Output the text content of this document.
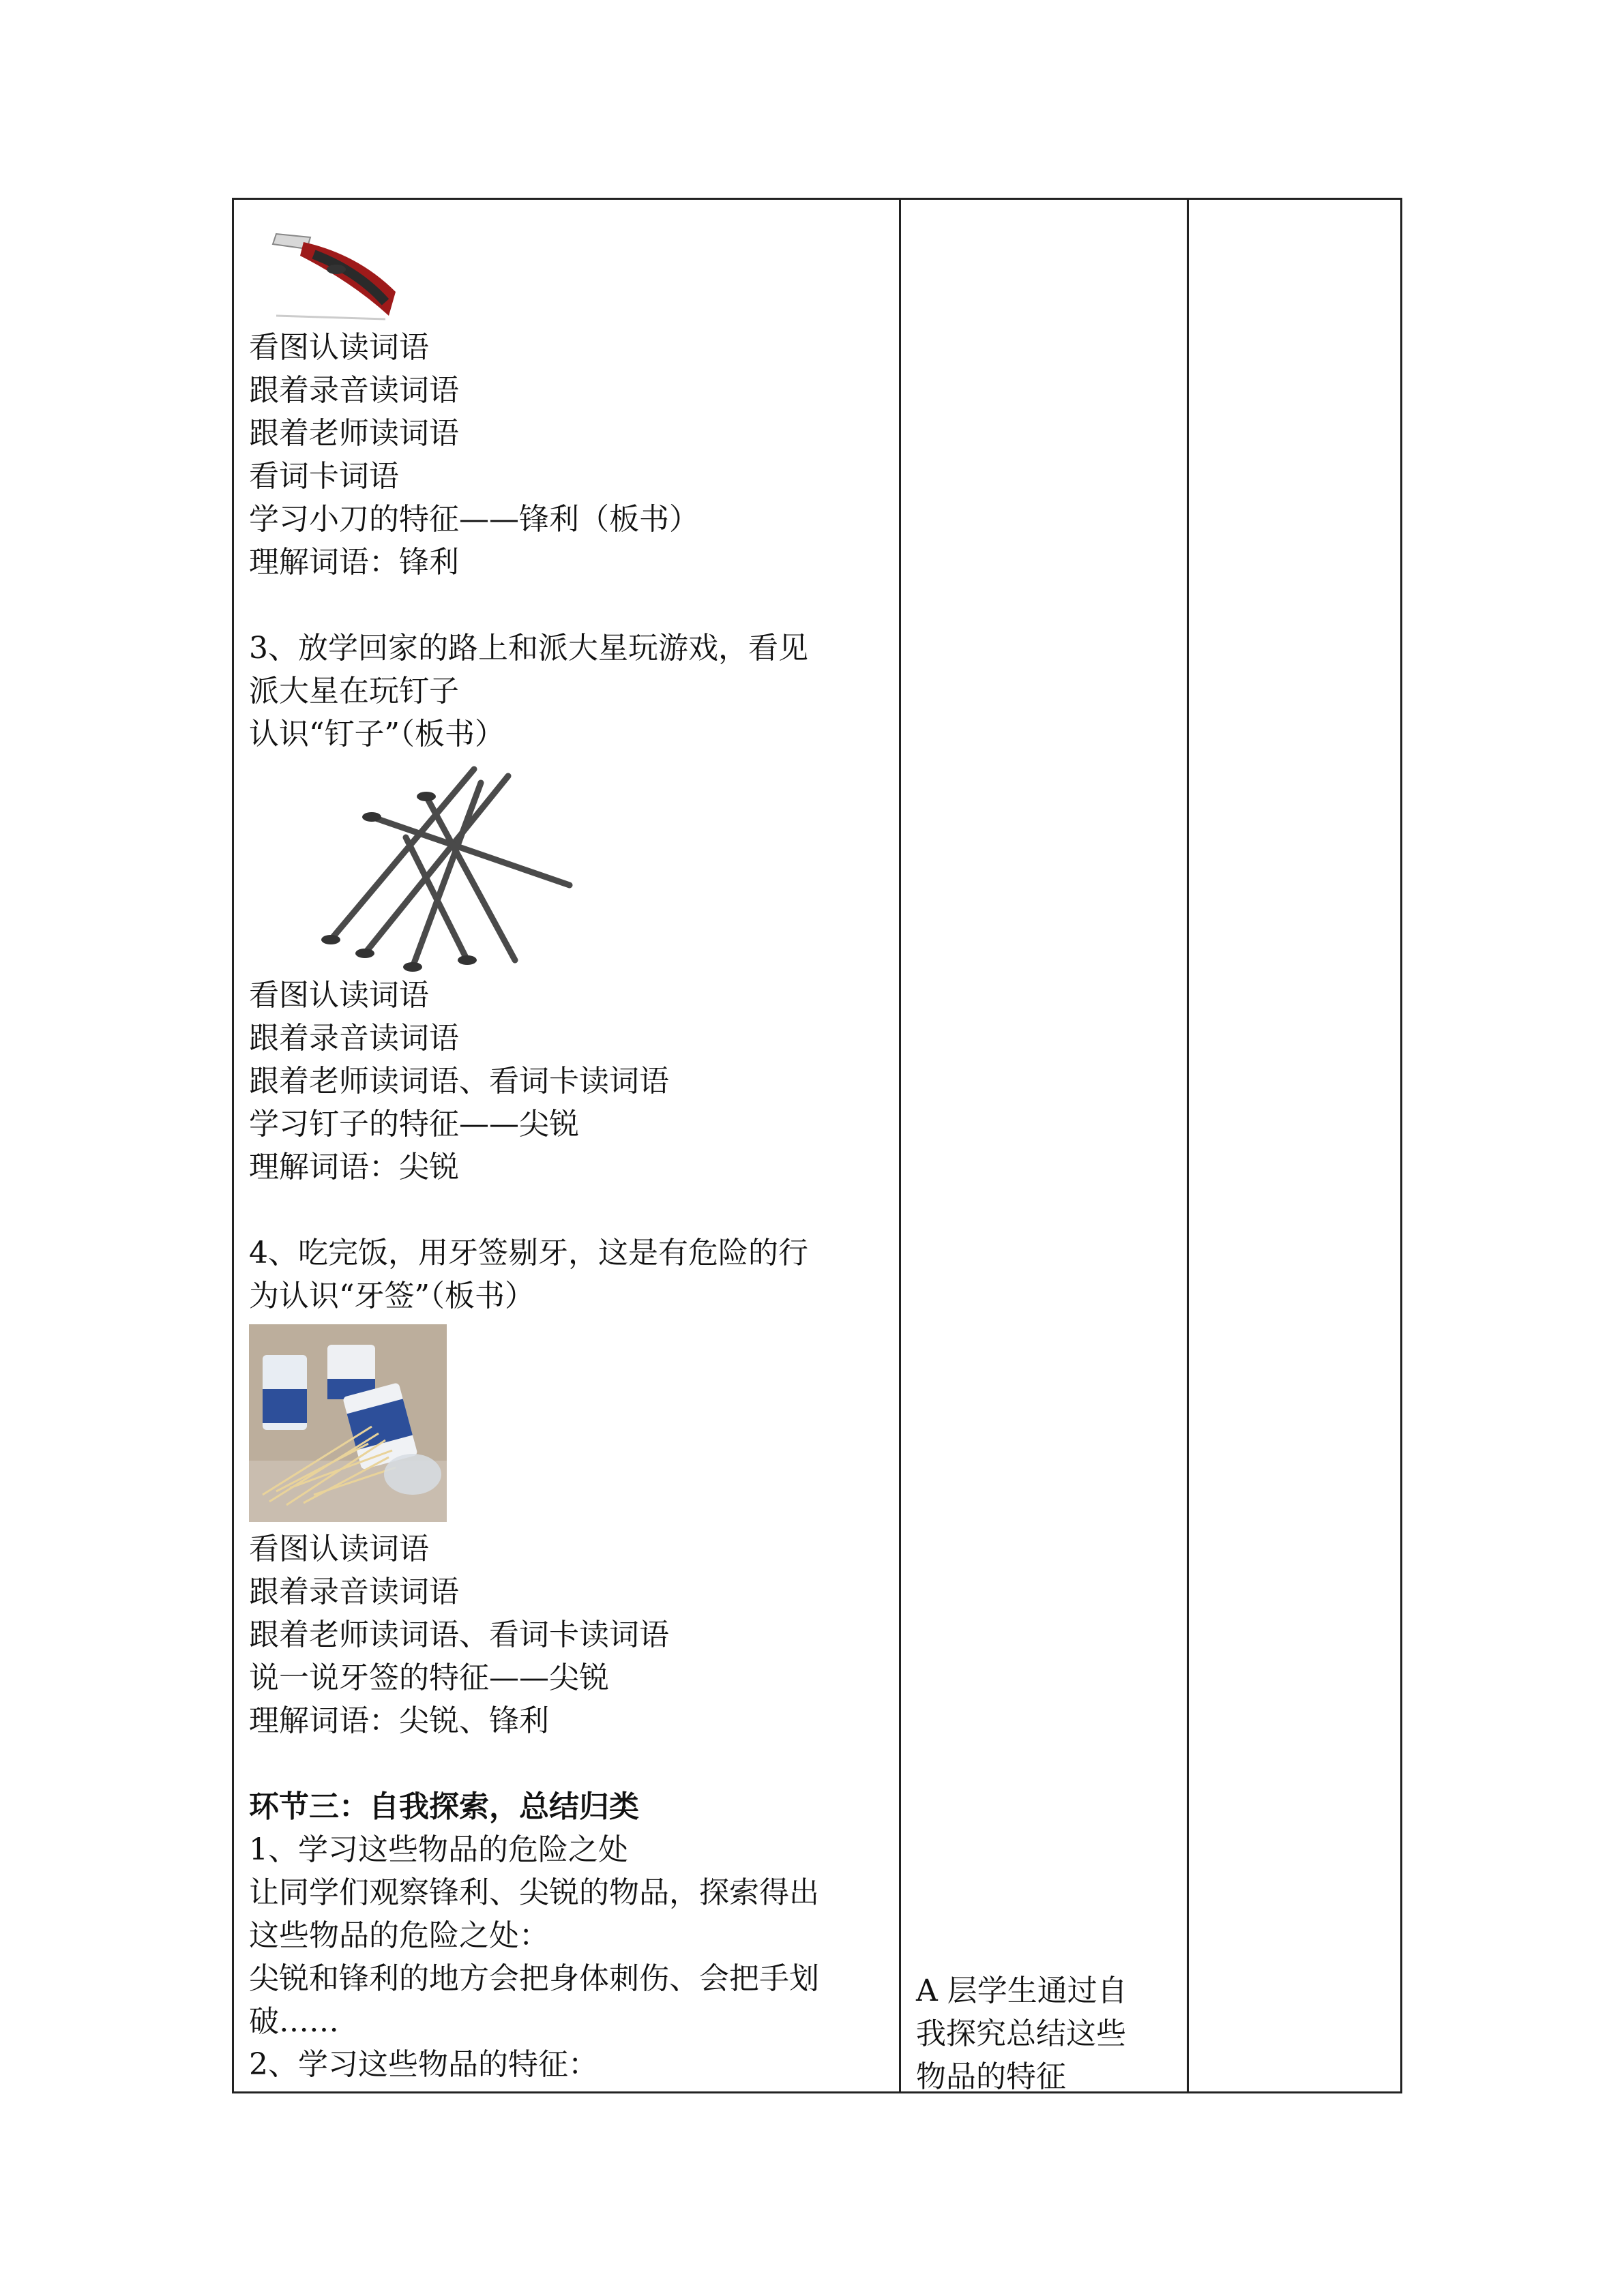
看图认读词语
跟着录音读词语
跟着老师读词语
看词卡词语
学习小刀的特征——锋利（板书）
理解词语：锋利
3、放学回家的路上和派大星玩游戏，看见
派大星在玩钉子
认识“钉子”（板书）
看图认读词语
跟着录音读词语
跟着老师读词语、看词卡读词语
学习钉子的特征——尖锐
理解词语：尖锐
4、吃完饭，用牙签剔牙，这是有危险的行
为认识“牙签”（板书）
看图认读词语
跟着录音读词语
跟着老师读词语、看词卡读词语
说一说牙签的特征——尖锐
理解词语：尖锐、锋利
环节三：自我探索，总结归类
1、学习这些物品的危险之处
让同学们观察锋利、尖锐的物品，探索得出
这些物品的危险之处：
尖锐和锋利的地方会把身体刺伤、会把手划
破……
2、学习这些物品的特征：
A 层学生通过自
我探究总结这些
物品的特征
